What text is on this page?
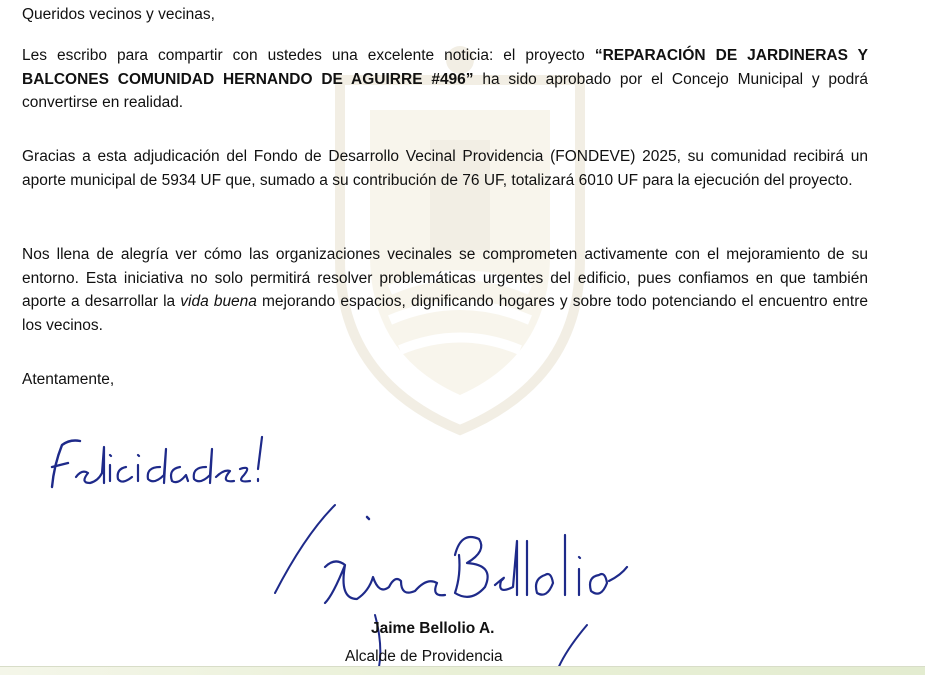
Queridos vecinos y vecinas,

Les escribo para compartir con ustedes una excelente noticia: el proyecto “REPARACIÓN DE JARDINERAS Y BALCONES COMUNIDAD HERNANDO DE AGUIRRE #496” ha sido aprobado por el Concejo Municipal y podrá convertirse en realidad.

Gracias a esta adjudicación del Fondo de Desarrollo Vecinal Providencia (FONDEVE) 2025, su comunidad recibirá un aporte municipal de 5934 UF que, sumado a su contribución de 76 UF, totalizará 6010 UF para la ejecución del proyecto.

Nos llena de alegría ver cómo las organizaciones vecinales se comprometen activamente con el mejoramiento de su entorno. Esta iniciativa no solo permitirá resolver problemáticas urgentes del edificio, pues confiamos en que también aporte a desarrollar la vida buena mejorando espacios, dignificando hogares y sobre todo potenciando el encuentro entre los vecinos.

Atentamente,

Jaime Bellolio A.
Alcalde de Providencia
